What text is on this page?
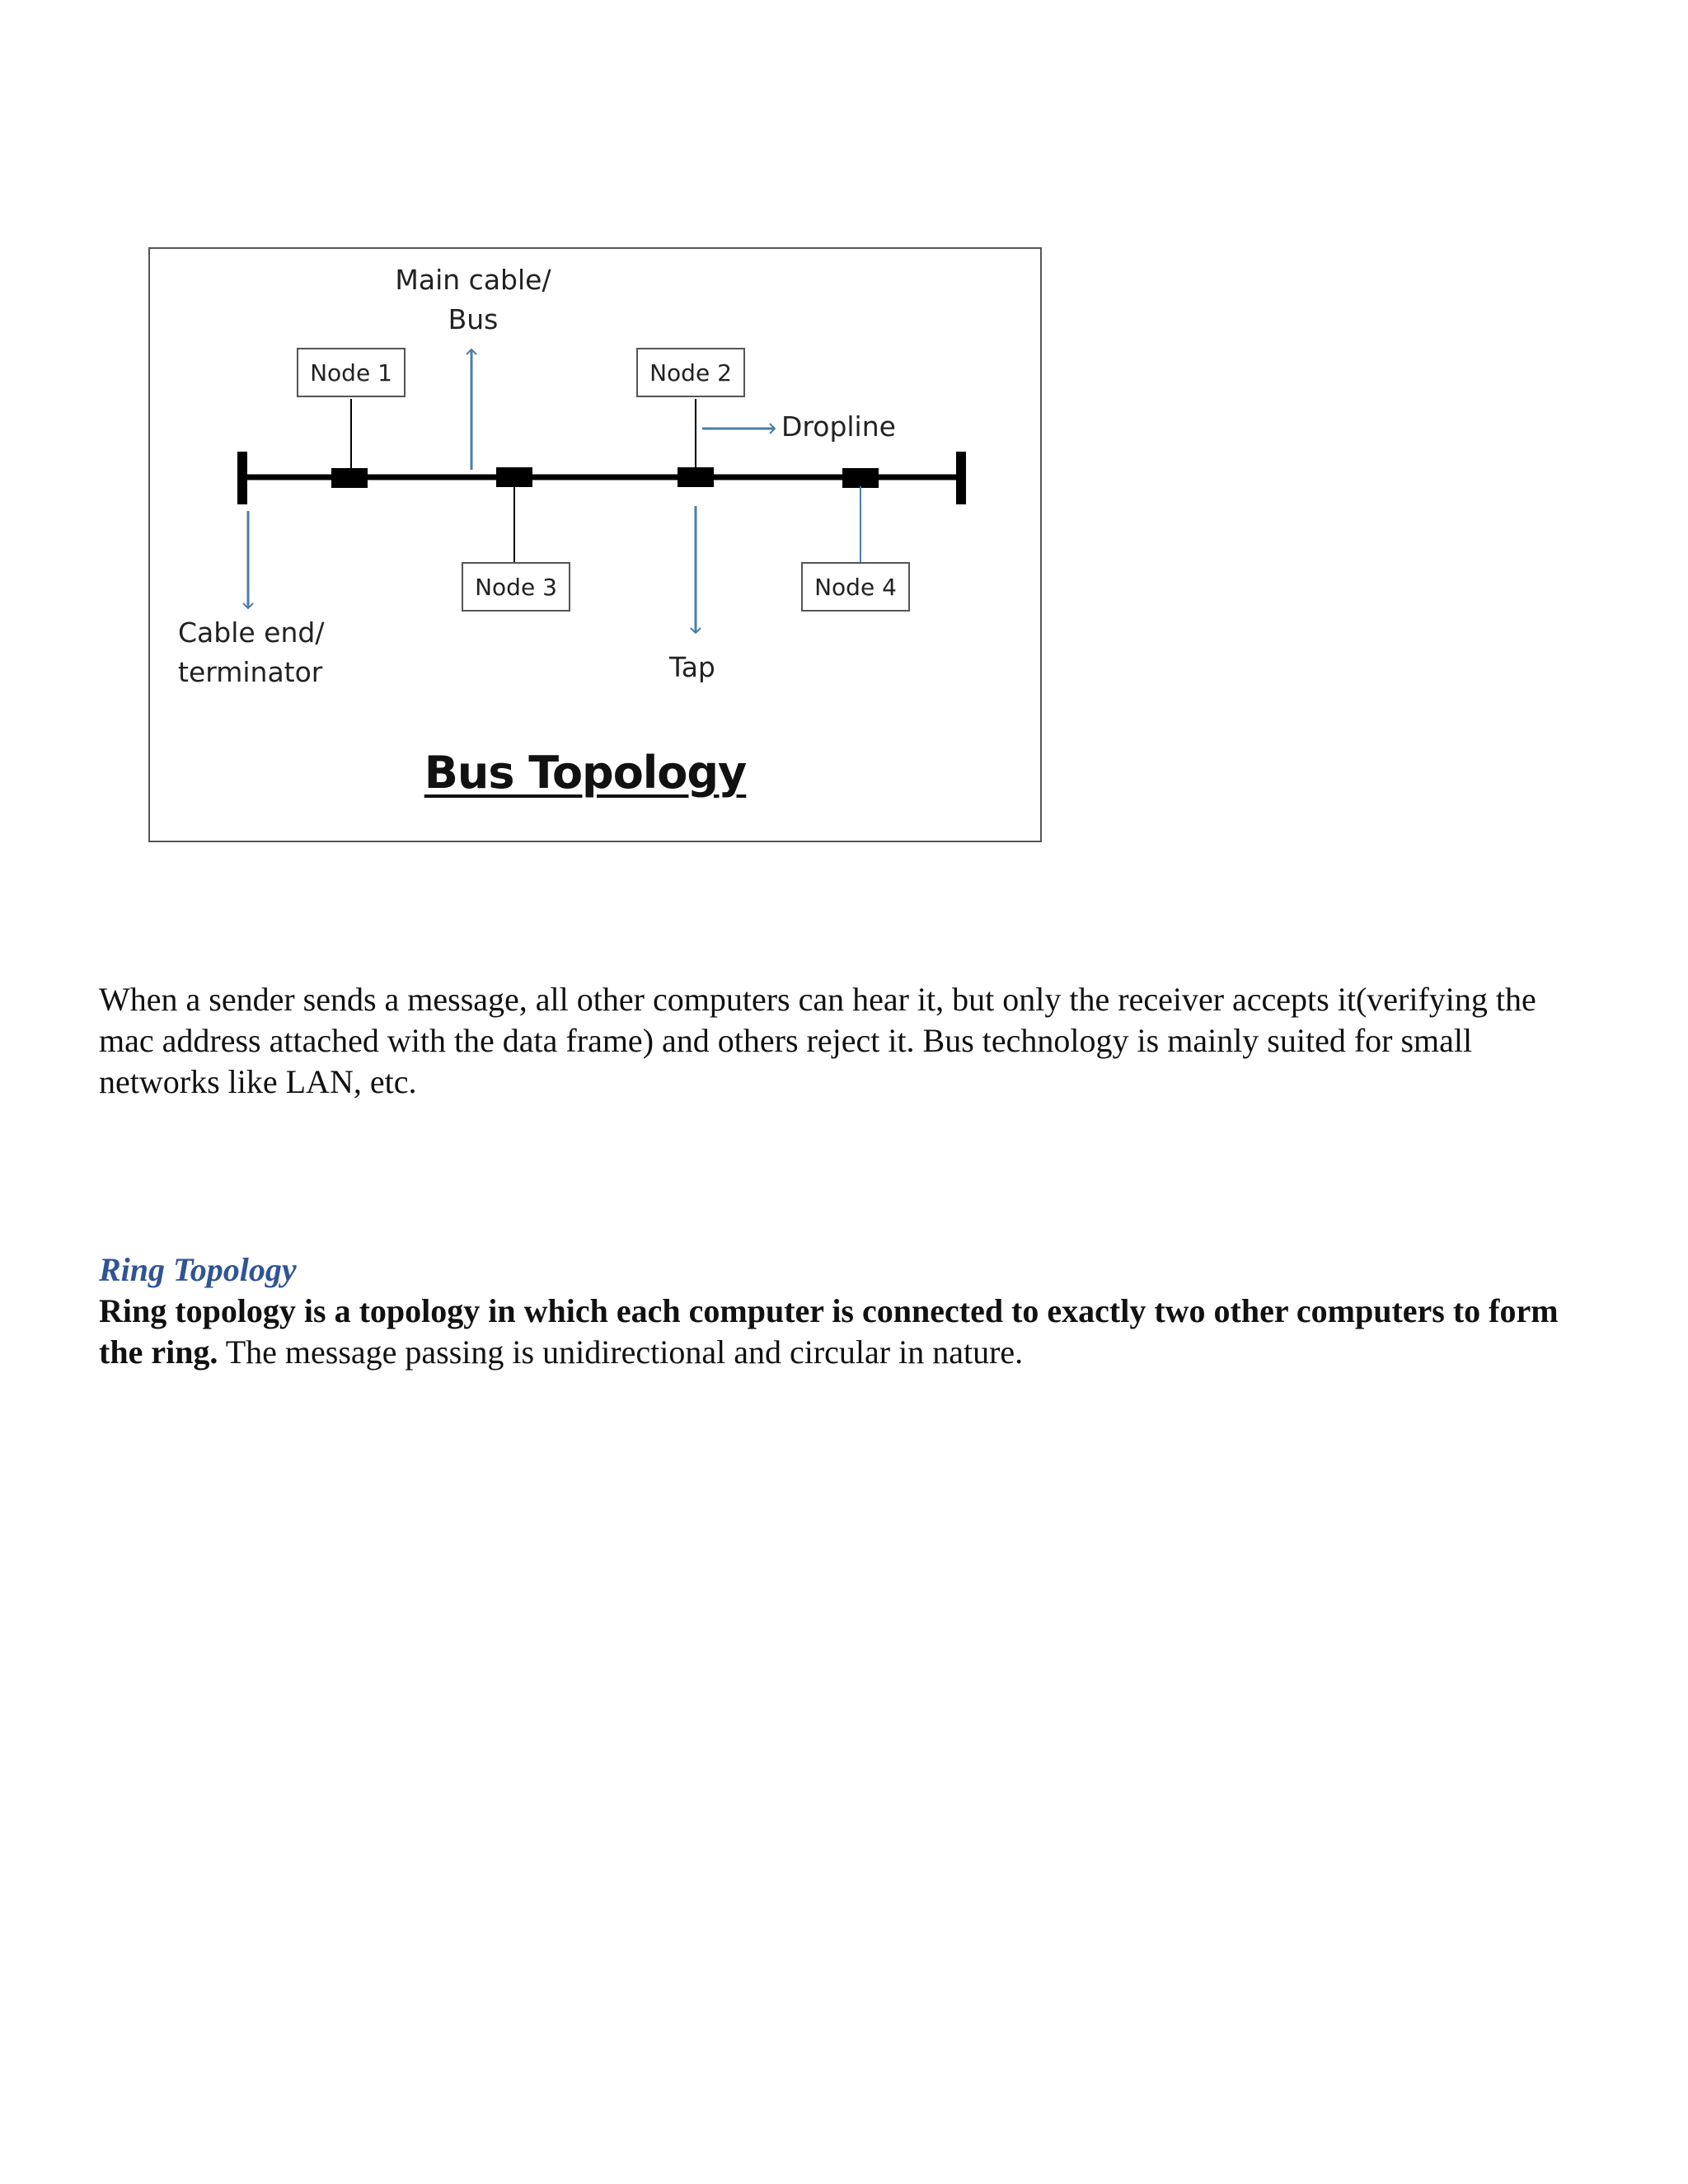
Main cable/
Bus
Dropline
Cable end/
terminator	Tap
Node 1	Node 2
Node 3	Node 4
Bus Topology

When a sender sends a message, all other computers can hear it, but only the receiver accepts it(verifying the mac address attached with the data frame) and others reject it. Bus technology is mainly suited for small networks like LAN, etc.

Ring Topology

Ring topology is a topology in which each computer is connected to exactly two other computers to form the ring. The message passing is unidirectional and circular in nature.
